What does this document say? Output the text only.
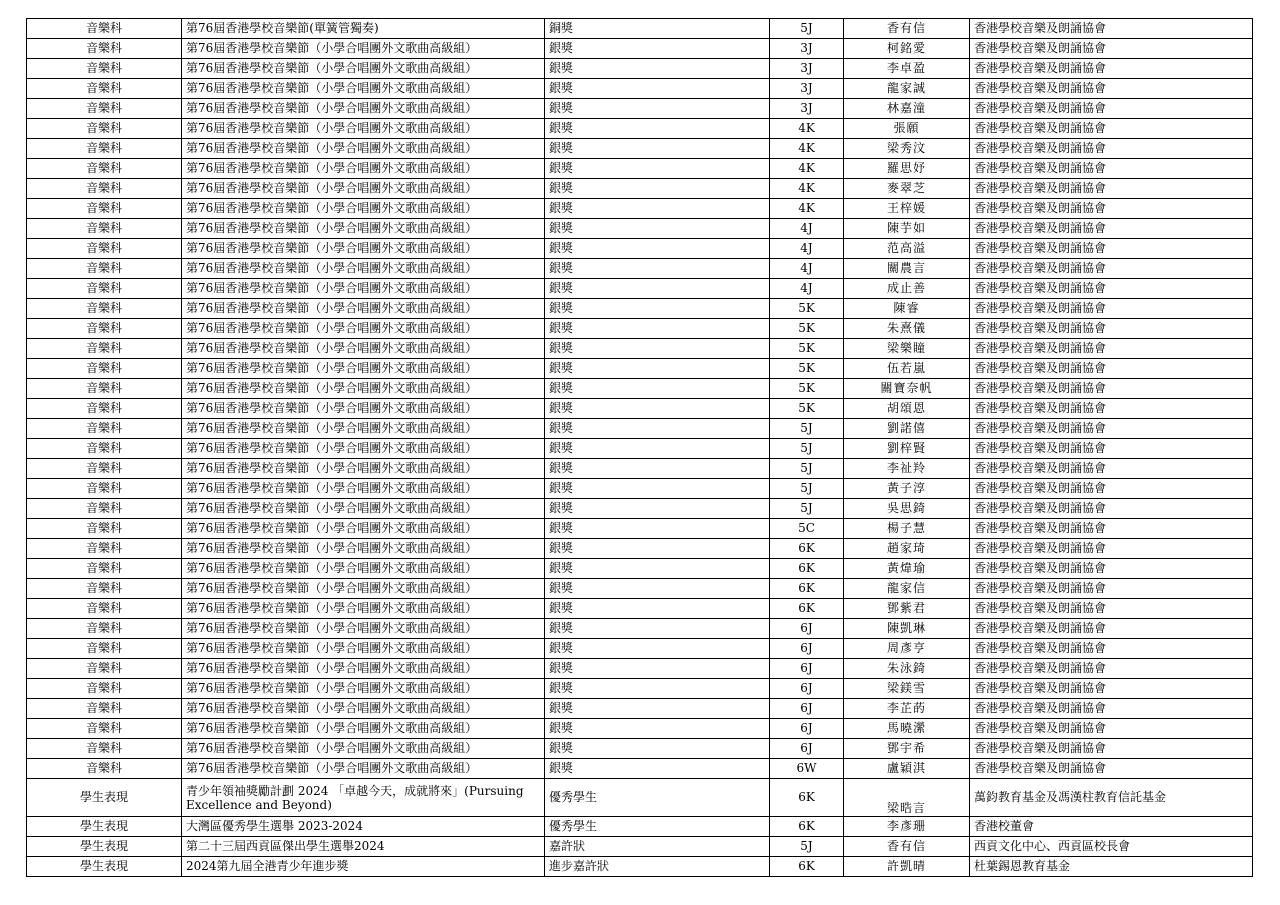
音樂科	第76屆香港學校音樂節(單簧管獨奏)	銅獎	5J	香有信	香港學校音樂及朗誦協會
音樂科	第76屆香港學校音樂節（小學合唱團外文歌曲高級組）	銀獎	3J	柯銘愛	香港學校音樂及朗誦協會
音樂科	第76屆香港學校音樂節（小學合唱團外文歌曲高級組）	銀獎	3J	李卓盈	香港學校音樂及朗誦協會
音樂科	第76屆香港學校音樂節（小學合唱團外文歌曲高級組）	銀獎	3J	龍家誠	香港學校音樂及朗誦協會
音樂科	第76屆香港學校音樂節（小學合唱團外文歌曲高級組）	銀獎	3J	林嘉潼	香港學校音樂及朗誦協會
音樂科	第76屆香港學校音樂節（小學合唱團外文歌曲高級組）	銀獎	4K	張願	香港學校音樂及朗誦協會
音樂科	第76屆香港學校音樂節（小學合唱團外文歌曲高級組）	銀獎	4K	梁秀汶	香港學校音樂及朗誦協會
音樂科	第76屆香港學校音樂節（小學合唱團外文歌曲高級組）	銀獎	4K	羅思妤	香港學校音樂及朗誦協會
音樂科	第76屆香港學校音樂節（小學合唱團外文歌曲高級組）	銀獎	4K	麥翠芝	香港學校音樂及朗誦協會
音樂科	第76屆香港學校音樂節（小學合唱團外文歌曲高級組）	銀獎	4K	王梓媛	香港學校音樂及朗誦協會
音樂科	第76屆香港學校音樂節（小學合唱團外文歌曲高級組）	銀獎	4J	陳芋如	香港學校音樂及朗誦協會
音樂科	第76屆香港學校音樂節（小學合唱團外文歌曲高級組）	銀獎	4J	范高溢	香港學校音樂及朗誦協會
音樂科	第76屆香港學校音樂節（小學合唱團外文歌曲高級組）	銀獎	4J	關農言	香港學校音樂及朗誦協會
音樂科	第76屆香港學校音樂節（小學合唱團外文歌曲高級組）	銀獎	4J	成止善	香港學校音樂及朗誦協會
音樂科	第76屆香港學校音樂節（小學合唱團外文歌曲高級組）	銀獎	5K	陳睿	香港學校音樂及朗誦協會
音樂科	第76屆香港學校音樂節（小學合唱團外文歌曲高級組）	銀獎	5K	朱熹儀	香港學校音樂及朗誦協會
音樂科	第76屆香港學校音樂節（小學合唱團外文歌曲高級組）	銀獎	5K	梁樂瞳	香港學校音樂及朗誦協會
音樂科	第76屆香港學校音樂節（小學合唱團外文歌曲高級組）	銀獎	5K	伍若嵐	香港學校音樂及朗誦協會
音樂科	第76屆香港學校音樂節（小學合唱團外文歌曲高級組）	銀獎	5K	關寶奈帆	香港學校音樂及朗誦協會
音樂科	第76屆香港學校音樂節（小學合唱團外文歌曲高級組）	銀獎	5K	胡頌恩	香港學校音樂及朗誦協會
音樂科	第76屆香港學校音樂節（小學合唱團外文歌曲高級組）	銀獎	5J	劉諾僖	香港學校音樂及朗誦協會
音樂科	第76屆香港學校音樂節（小學合唱團外文歌曲高級組）	銀獎	5J	劉梓賢	香港學校音樂及朗誦協會
音樂科	第76屆香港學校音樂節（小學合唱團外文歌曲高級組）	銀獎	5J	李祉羚	香港學校音樂及朗誦協會
音樂科	第76屆香港學校音樂節（小學合唱團外文歌曲高級組）	銀獎	5J	黃子淳	香港學校音樂及朗誦協會
音樂科	第76屆香港學校音樂節（小學合唱團外文歌曲高級組）	銀獎	5J	吳思錡	香港學校音樂及朗誦協會
音樂科	第76屆香港學校音樂節（小學合唱團外文歌曲高級組）	銀獎	5C	楊子慧	香港學校音樂及朗誦協會
音樂科	第76屆香港學校音樂節（小學合唱團外文歌曲高級組）	銀獎	6K	趙家琦	香港學校音樂及朗誦協會
音樂科	第76屆香港學校音樂節（小學合唱團外文歌曲高級組）	銀獎	6K	黃煒瑜	香港學校音樂及朗誦協會
音樂科	第76屆香港學校音樂節（小學合唱團外文歌曲高級組）	銀獎	6K	龍家信	香港學校音樂及朗誦協會
音樂科	第76屆香港學校音樂節（小學合唱團外文歌曲高級組）	銀獎	6K	鄧紫君	香港學校音樂及朗誦協會
音樂科	第76屆香港學校音樂節（小學合唱團外文歌曲高級組）	銀獎	6J	陳凱琳	香港學校音樂及朗誦協會
音樂科	第76屆香港學校音樂節（小學合唱團外文歌曲高級組）	銀獎	6J	周彥亨	香港學校音樂及朗誦協會
音樂科	第76屆香港學校音樂節（小學合唱團外文歌曲高級組）	銀獎	6J	朱泳錡	香港學校音樂及朗誦協會
音樂科	第76屆香港學校音樂節（小學合唱團外文歌曲高級組）	銀獎	6J	梁鎂雪	香港學校音樂及朗誦協會
音樂科	第76屆香港學校音樂節（小學合唱團外文歌曲高級組）	銀獎	6J	李芷菂	香港學校音樂及朗誦協會
音樂科	第76屆香港學校音樂節（小學合唱團外文歌曲高級組）	銀獎	6J	馬曉瀠	香港學校音樂及朗誦協會
音樂科	第76屆香港學校音樂節（小學合唱團外文歌曲高級組）	銀獎	6J	鄧宇希	香港學校音樂及朗誦協會
音樂科	第76屆香港學校音樂節（小學合唱團外文歌曲高級組）	銀獎	6W	盧穎淇	香港學校音樂及朗誦協會
學生表現	青少年領袖獎勵計劃 2024 「卓越今天，成就將來」(Pursuing Excellence and Beyond)	優秀學生	6K	梁晧言	萬鈞教育基金及馮漢柱教育信託基金
學生表現	大灣區優秀學生選舉 2023-2024	優秀學生	6K	李彥珊	香港校董會
學生表現	第二十三屆西貢區傑出學生選舉2024	嘉許狀	5J	香有信	西貢文化中心、西貢區校長會
學生表現	2024第九屆全港青少年進步獎	進步嘉許狀	6K	許凱晴	杜葉錫恩教育基金
